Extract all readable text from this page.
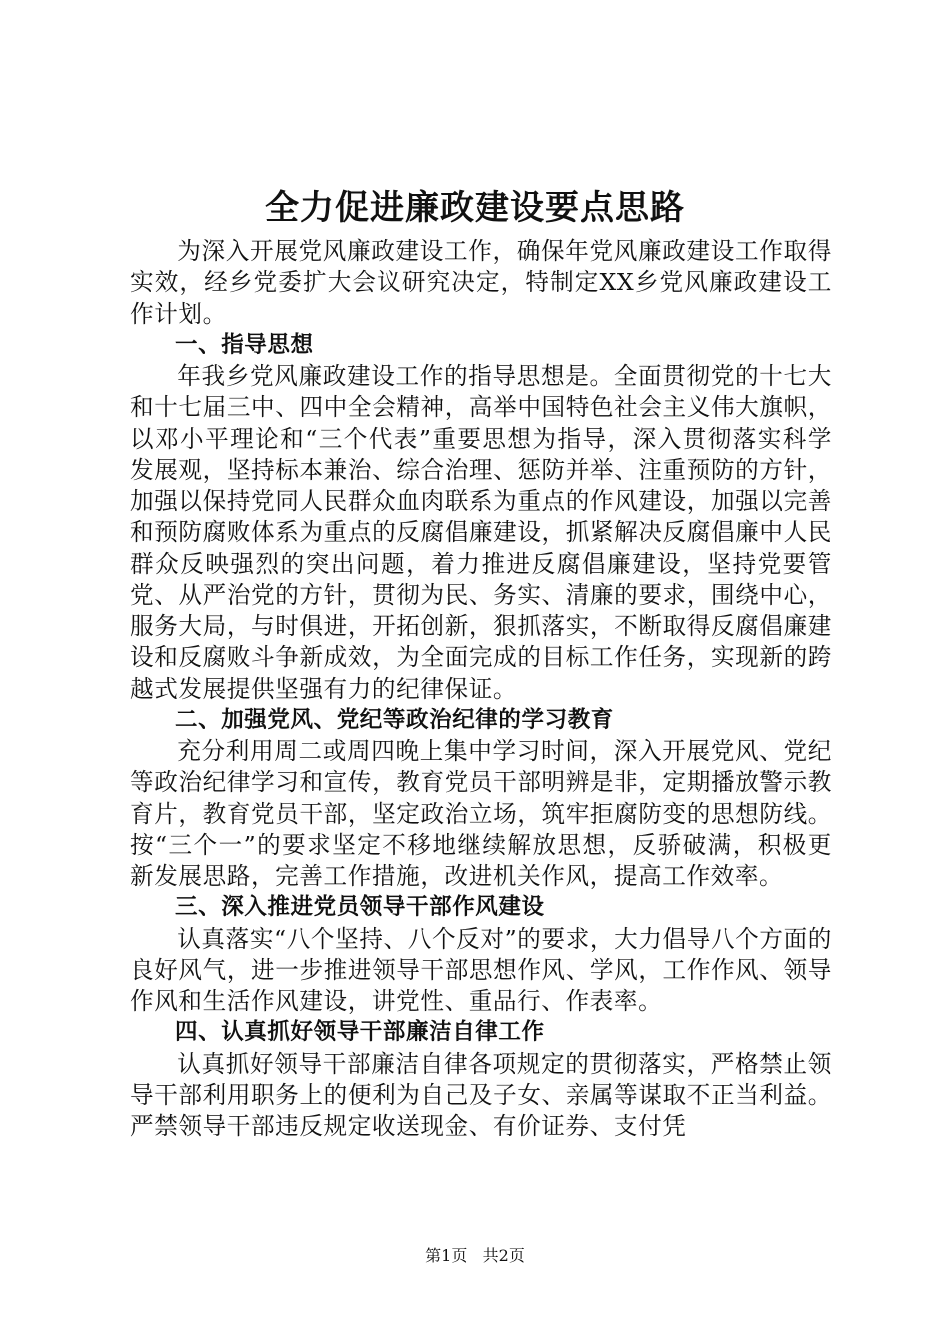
全力促进廉政建设要点思路

为深入开展党风廉政建设工作，确保年党风廉政建设工作取得实效，经乡党委扩大会议研究决定，特制定XX乡党风廉政建设工作计划。

一、指导思想

年我乡党风廉政建设工作的指导思想是。全面贯彻党的十七大和十七届三中、四中全会精神，高举中国特色社会主义伟大旗帜，以邓小平理论和“三个代表”重要思想为指导，深入贯彻落实科学发展观，坚持标本兼治、综合治理、惩防并举、注重预防的方针，加强以保持党同人民群众血肉联系为重点的作风建设，加强以完善和预防腐败体系为重点的反腐倡廉建设，抓紧解决反腐倡廉中人民群众反映强烈的突出问题，着力推进反腐倡廉建设，坚持党要管党、从严治党的方针，贯彻为民、务实、清廉的要求，围绕中心，服务大局，与时俱进，开拓创新，狠抓落实，不断取得反腐倡廉建设和反腐败斗争新成效，为全面完成的目标工作任务，实现新的跨越式发展提供坚强有力的纪律保证。

二、加强党风、党纪等政治纪律的学习教育

充分利用周二或周四晚上集中学习时间，深入开展党风、党纪等政治纪律学习和宣传，教育党员干部明辨是非，定期播放警示教育片，教育党员干部，坚定政治立场，筑牢拒腐防变的思想防线。按“三个一”的要求坚定不移地继续解放思想，反骄破满，积极更新发展思路，完善工作措施，改进机关作风，提高工作效率。

三、深入推进党员领导干部作风建设

认真落实“八个坚持、八个反对”的要求，大力倡导八个方面的良好风气，进一步推进领导干部思想作风、学风，工作作风、领导作风和生活作风建设，讲党性、重品行、作表率。

四、认真抓好领导干部廉洁自律工作

认真抓好领导干部廉洁自律各项规定的贯彻落实，严格禁止领导干部利用职务上的便利为自己及子女、亲属等谋取不正当利益。严禁领导干部违反规定收送现金、有价证券、支付凭

第1页 共2页
